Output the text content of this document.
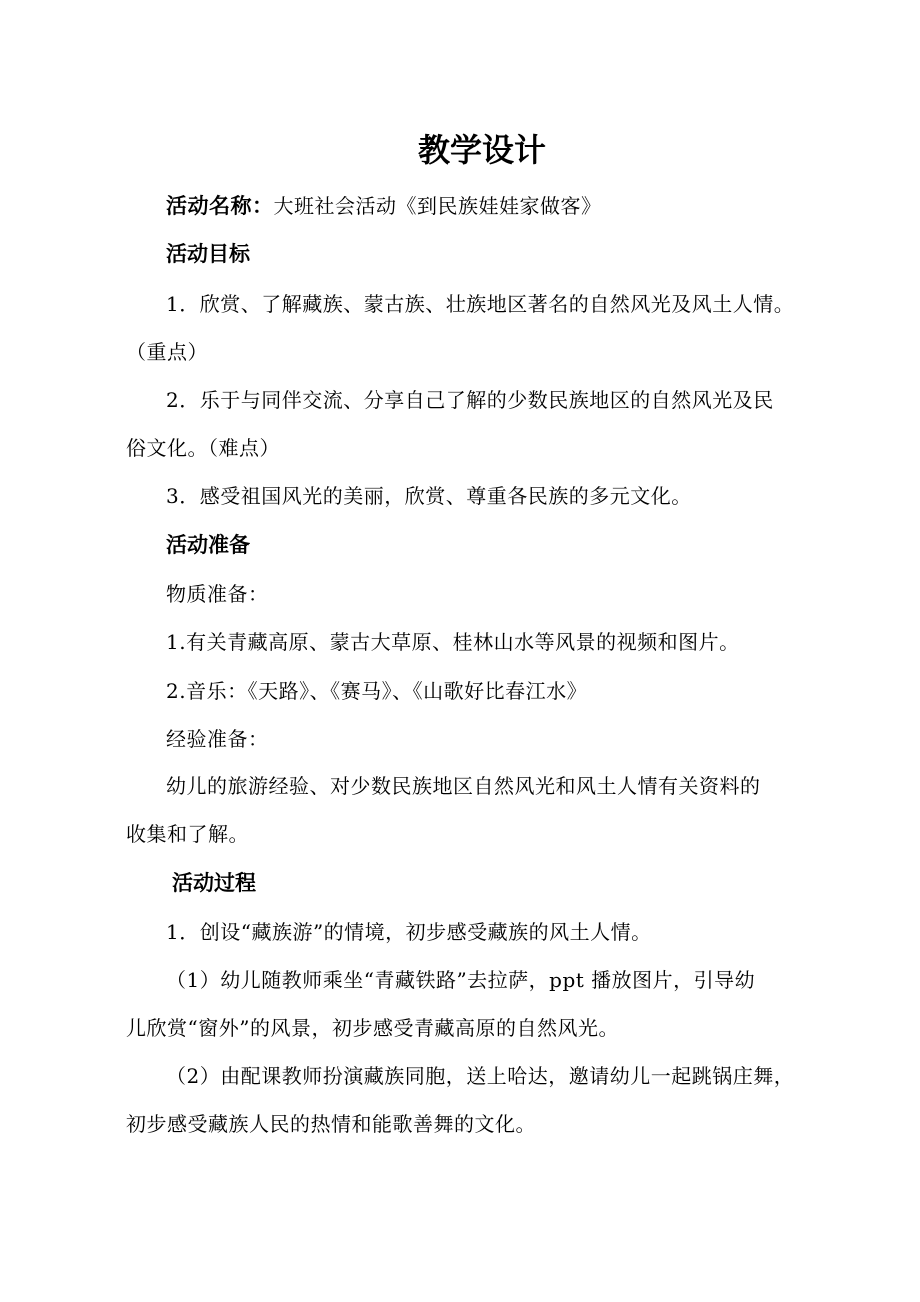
教学设计
活动名称：大班社会活动《到民族娃娃家做客》
活动目标
1．欣赏、了解藏族、蒙古族、壮族地区著名的自然风光及风土人情。
（重点）
2．乐于与同伴交流、分享自己了解的少数民族地区的自然风光及民
俗文化。（难点）
3．感受祖国风光的美丽，欣赏、尊重各民族的多元文化。
活动准备
物质准备：
1.有关青藏高原、蒙古大草原、桂林山水等风景的视频和图片。
2.音乐：《天路》、《赛马》、《山歌好比春江水》
经验准备：
幼儿的旅游经验、对少数民族地区自然风光和风土人情有关资料的
收集和了解。
活动过程
1．创设“藏族游”的情境，初步感受藏族的风土人情。
（1）幼儿随教师乘坐“青藏铁路”去拉萨，ppt 播放图片，引导幼
儿欣赏“窗外”的风景，初步感受青藏高原的自然风光。
（2）由配课教师扮演藏族同胞，送上哈达，邀请幼儿一起跳锅庄舞，
初步感受藏族人民的热情和能歌善舞的文化。
